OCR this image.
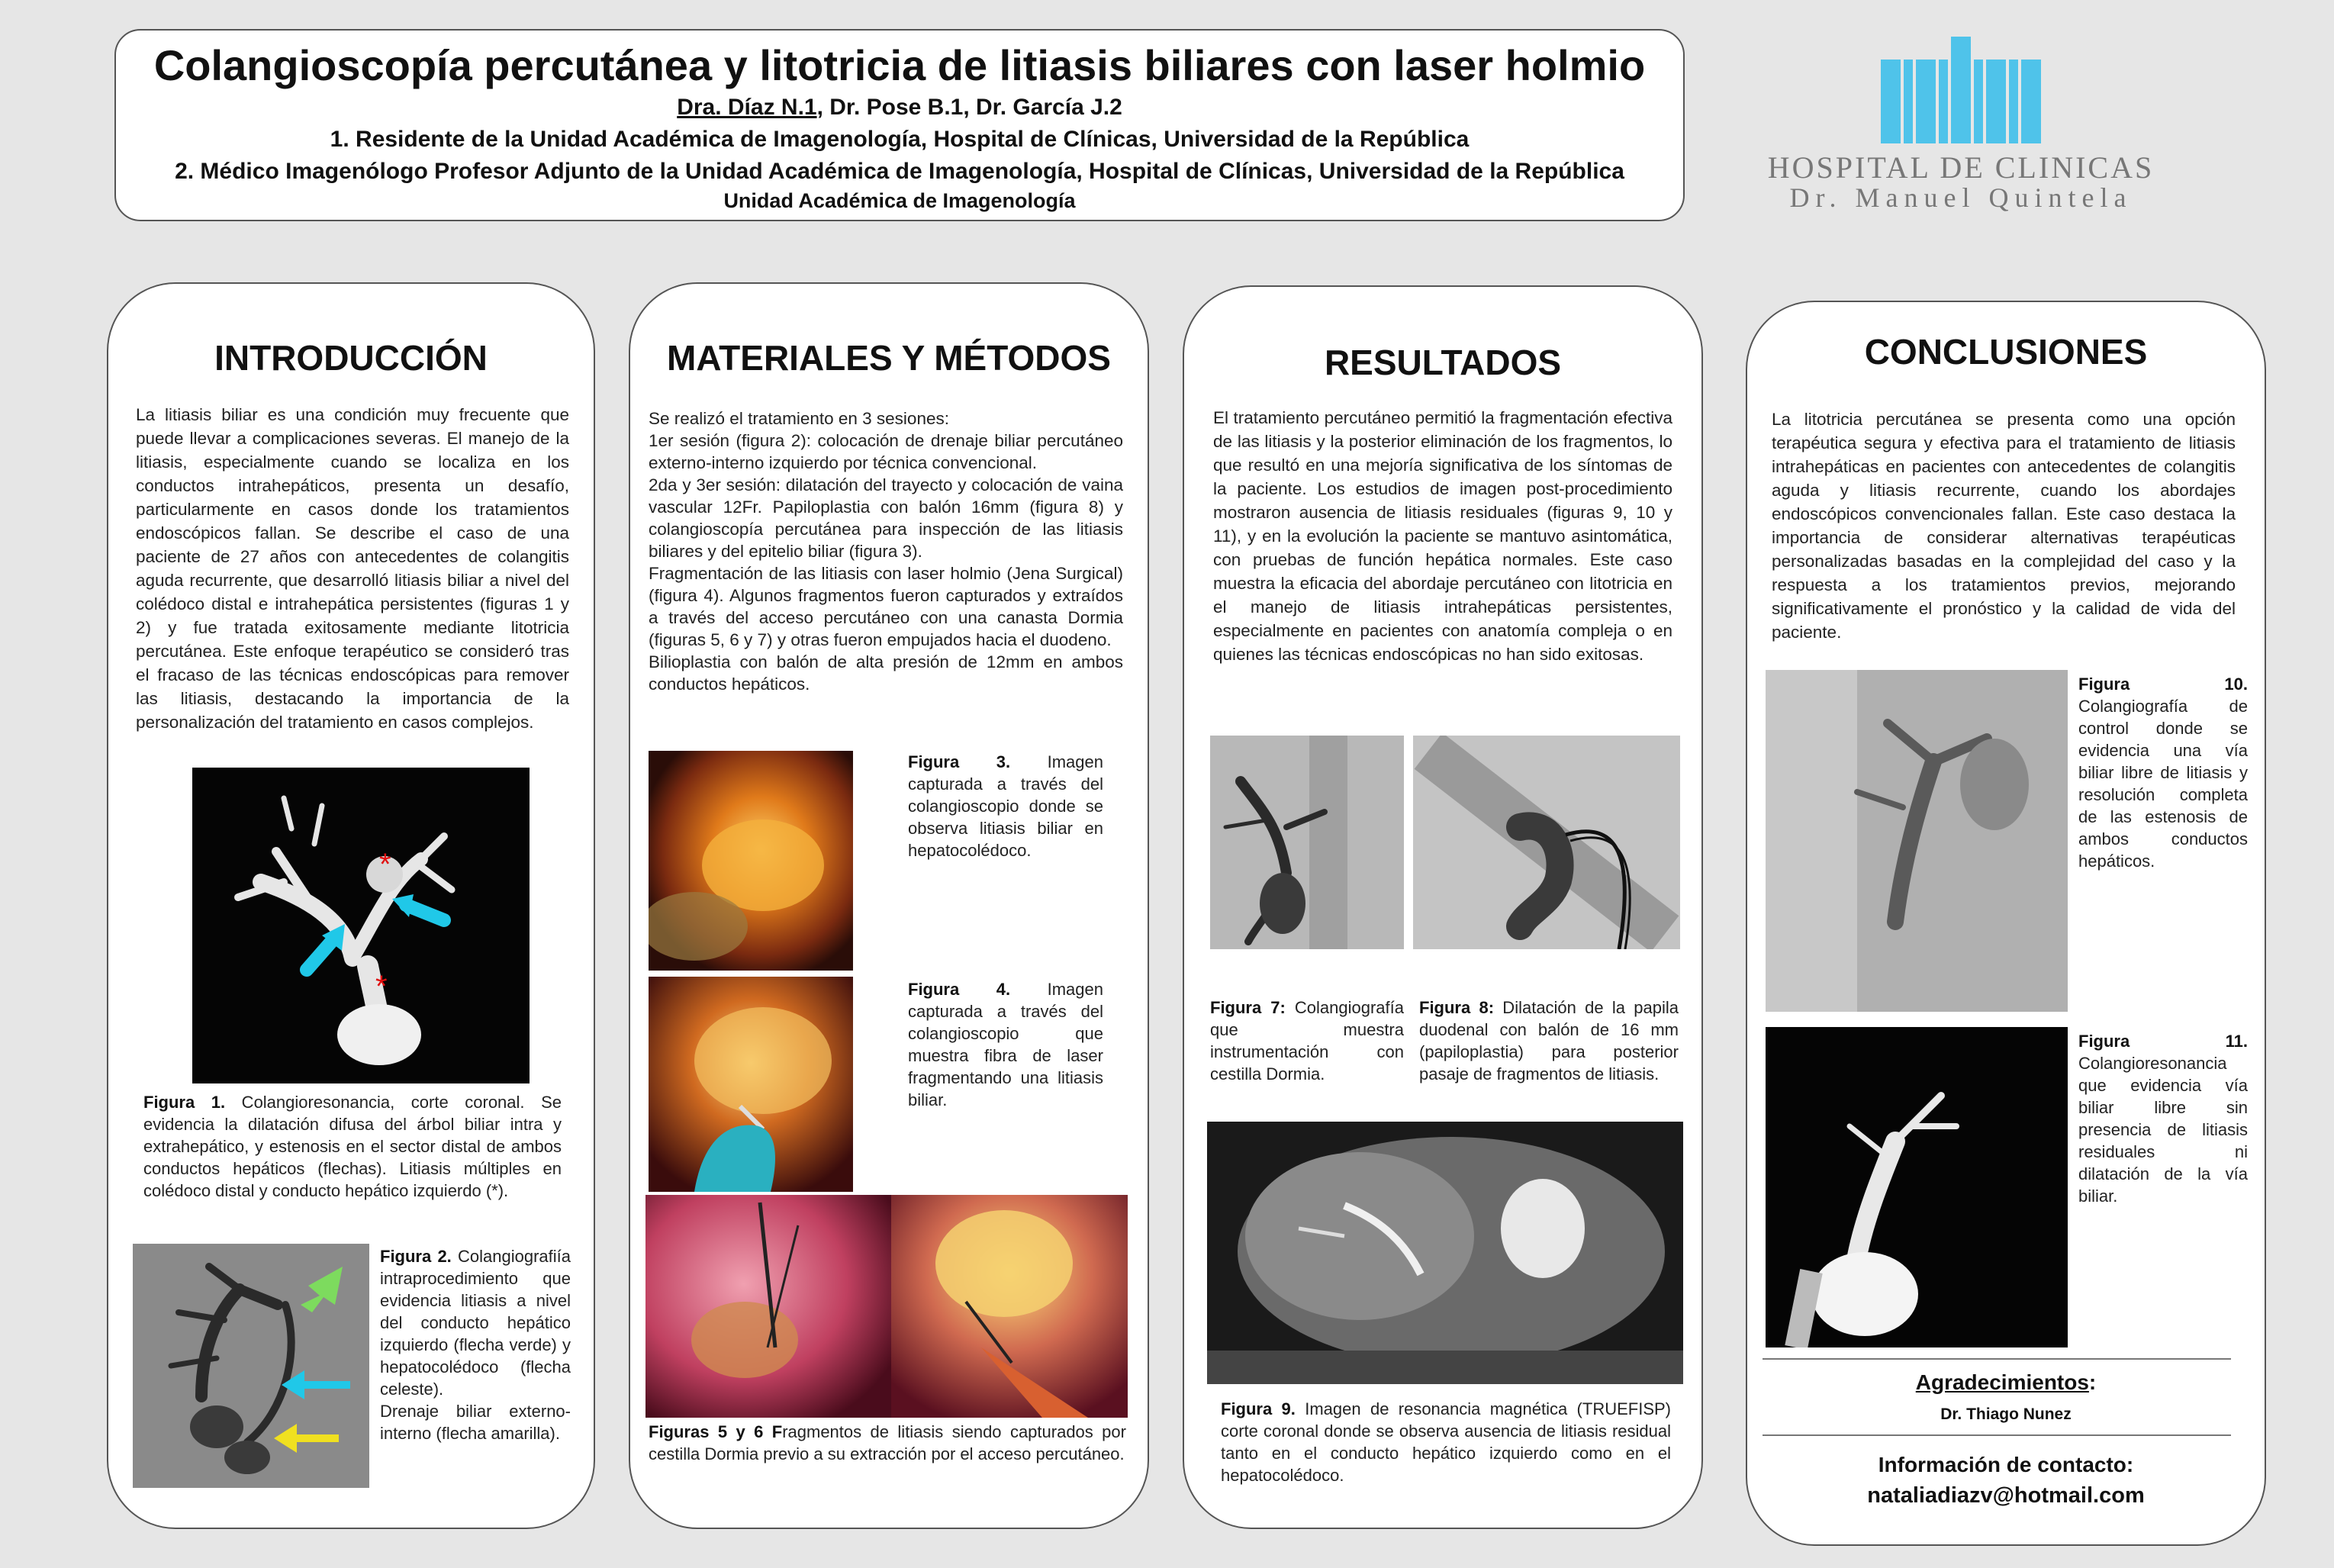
Colangioscopía percutánea y litotricia de litiasis biliares con laser holmio
Dra. Díaz N.1, Dr. Pose B.1, Dr. García J.2
1. Residente de la Unidad Académica de Imagenología, Hospital de Clínicas, Universidad de la República
2. Médico Imagenólogo Profesor Adjunto de la Unidad Académica de Imagenología, Hospital de Clínicas, Universidad de la República
Unidad Académica de Imagenología
HOSPITAL DE CLINICAS
Dr. Manuel Quintela
INTRODUCCIÓN
La litiasis biliar es una condición muy frecuente que puede llevar a complicaciones severas. El manejo de la litiasis, especialmente cuando se localiza en los conductos intrahepáticos, presenta un desafío, particularmente en casos donde los tratamientos endoscópicos fallan. Se describe el caso de una paciente de 27 años con antecedentes de colangitis aguda recurrente, que desarrolló litiasis biliar a nivel del colédoco distal e intrahepática persistentes (figuras 1 y 2) y fue tratada exitosamente mediante litotricia percutánea. Este enfoque terapéutico se consideró tras el fracaso de las técnicas endoscópicas para remover las litiasis, destacando la importancia de la personalización del tratamiento en casos complejos.
*
*
Figura 1. Colangioresonancia, corte coronal. Se evidencia la dilatación difusa del árbol biliar intra y extrahepático, y estenosis en el sector distal de ambos conductos hepáticos (flechas). Litiasis múltiples en colédoco distal y conducto hepático izquierdo (*).
Figura 2. Colangiografiía intraprocedimiento que evidencia litiasis a nivel del conducto hepático izquierdo (flecha verde) y hepatocolédoco (flecha celeste).
Drenaje biliar externo-interno (flecha amarilla).
MATERIALES Y MÉTODOS
Se realizó el tratamiento en 3 sesiones:
1er sesión (figura 2): colocación de drenaje biliar percutáneo externo-interno izquierdo por técnica convencional.
2da y 3er sesión: dilatación del trayecto y colocación de vaina vascular 12Fr. Papiloplastia con balón 16mm (figura 8) y colangioscopía percutánea para inspección de las litiasis biliares y del epitelio biliar (figura 3).
Fragmentación de las litiasis con laser holmio (Jena Surgical) (figura 4). Algunos fragmentos fueron capturados y extraídos a través del acceso percutáneo con una canasta Dormia (figuras 5, 6 y 7) y otras fueron empujados hacia el duodeno.
Bilioplastia con balón de alta presión de 12mm en ambos conductos hepáticos.
Figura 3. Imagen capturada a través del colangioscopio donde se observa litiasis biliar en hepatocolédoco.
Figura 4. Imagen capturada a través del colangioscopio que muestra fibra de laser fragmentando una litiasis biliar.
Figuras 5 y 6 Fragmentos de litiasis siendo capturados por cestilla Dormia previo a su extracción por el acceso percutáneo.
RESULTADOS
El tratamiento percutáneo permitió la fragmentación efectiva de las litiasis y la posterior eliminación de los fragmentos, lo que resultó en una mejoría significativa de los síntomas de la paciente. Los estudios de imagen post-procedimiento mostraron ausencia de litiasis residuales (figuras 9, 10 y 11), y en la evolución la paciente se mantuvo asintomática, con pruebas de función hepática normales. Este caso muestra la eficacia del abordaje percutáneo con litotricia en el manejo de litiasis intrahepáticas persistentes, especialmente en pacientes con anatomía compleja o en quienes las técnicas endoscópicas no han sido exitosas.
Figura 7: Colangiografía que muestra instrumentación con cestilla Dormia.
Figura 8: Dilatación de la papila duodenal con balón de 16 mm (papiloplastia) para posterior pasaje de fragmentos de litiasis.
Figura 9. Imagen de resonancia magnética (TRUEFISP) corte coronal donde se observa ausencia de litiasis residual tanto en el conducto hepático izquierdo como en el hepatocolédoco.
CONCLUSIONES
La litotricia percutánea se presenta como una opción terapéutica segura y efectiva para el tratamiento de litiasis intrahepáticas en pacientes con antecedentes de colangitis aguda y litiasis recurrente, cuando los abordajes endoscópicos convencionales fallan. Este caso destaca la importancia de considerar alternativas terapéuticas personalizadas basadas en la complejidad del caso y la respuesta a los tratamientos previos, mejorando significativamente el pronóstico y la calidad de vida del paciente.
Figura 10. Colangiografía de control donde se evidencia una vía biliar libre de litiasis y resolución completa de las estenosis de ambos conductos hepáticos.
Figura 11. Colangioresonancia que evidencia vía biliar libre sin presencia de litiasis residuales ni dilatación de la vía biliar.
Agradecimientos:
Dr. Thiago Nunez
Información de contacto:
nataliadiazv@hotmail.com
